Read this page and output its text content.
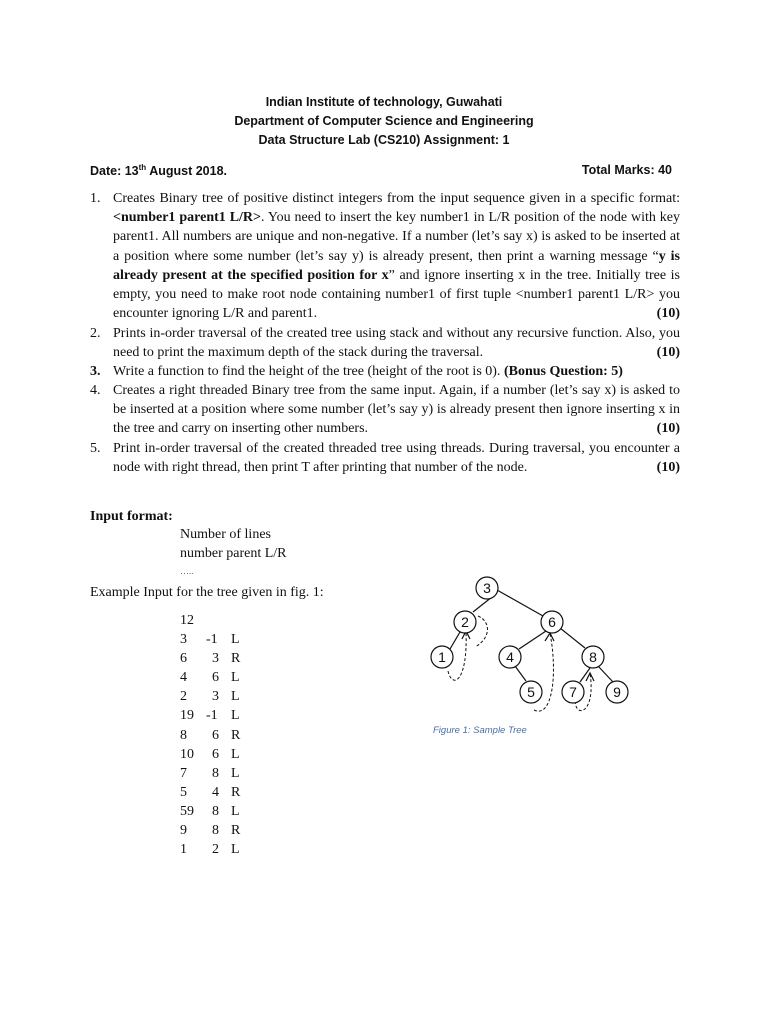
Indian Institute of technology, Guwahati
Department of Computer Science and Engineering
Data Structure Lab (CS210) Assignment: 1
Date: 13th August 2018.	Total Marks: 40
1. Creates Binary tree of positive distinct integers from the input sequence given in a specific format: <number1 parent1 L/R>. You need to insert the key number1 in L/R position of the node with key parent1. All numbers are unique and non-negative. If a number (let’s say x) is asked to be inserted at a position where some number (let’s say y) is already present, then print a warning message “y is already present at the specified position for x” and ignore inserting x in the tree. Initially tree is empty, you need to make root node containing number1 of first tuple <number1 parent1 L/R> you encounter ignoring L/R and parent1.	(10)
2. Prints in-order traversal of the created tree using stack and without any recursive function. Also, you need to print the maximum depth of the stack during the traversal.	(10)
3. Write a function to find the height of the tree (height of the root is 0). (Bonus Question: 5)
4. Creates a right threaded Binary tree from the same input. Again, if a number (let’s say x) is asked to be inserted at a position where some number (let’s say y) is already present then ignore inserting x in the tree and carry on inserting other numbers.	(10)
5. Print in-order traversal of the created threaded tree using threads. During traversal, you encounter a node with right thread, then print T after printing that number of the node.	(10)
Input format:
Number of lines
number parent L/R
…..
Example Input for the tree given in fig. 1:
12
3 -1 L
6 3 R
4 6 L
2 3 L
19 -1 L
8 6 R
10 6 L
7 8 L
5 4 R
59 8 L
9 8 R
1 2 L
3
2	6
1	4	8
5 7	9
Figure 1: Sample Tree
